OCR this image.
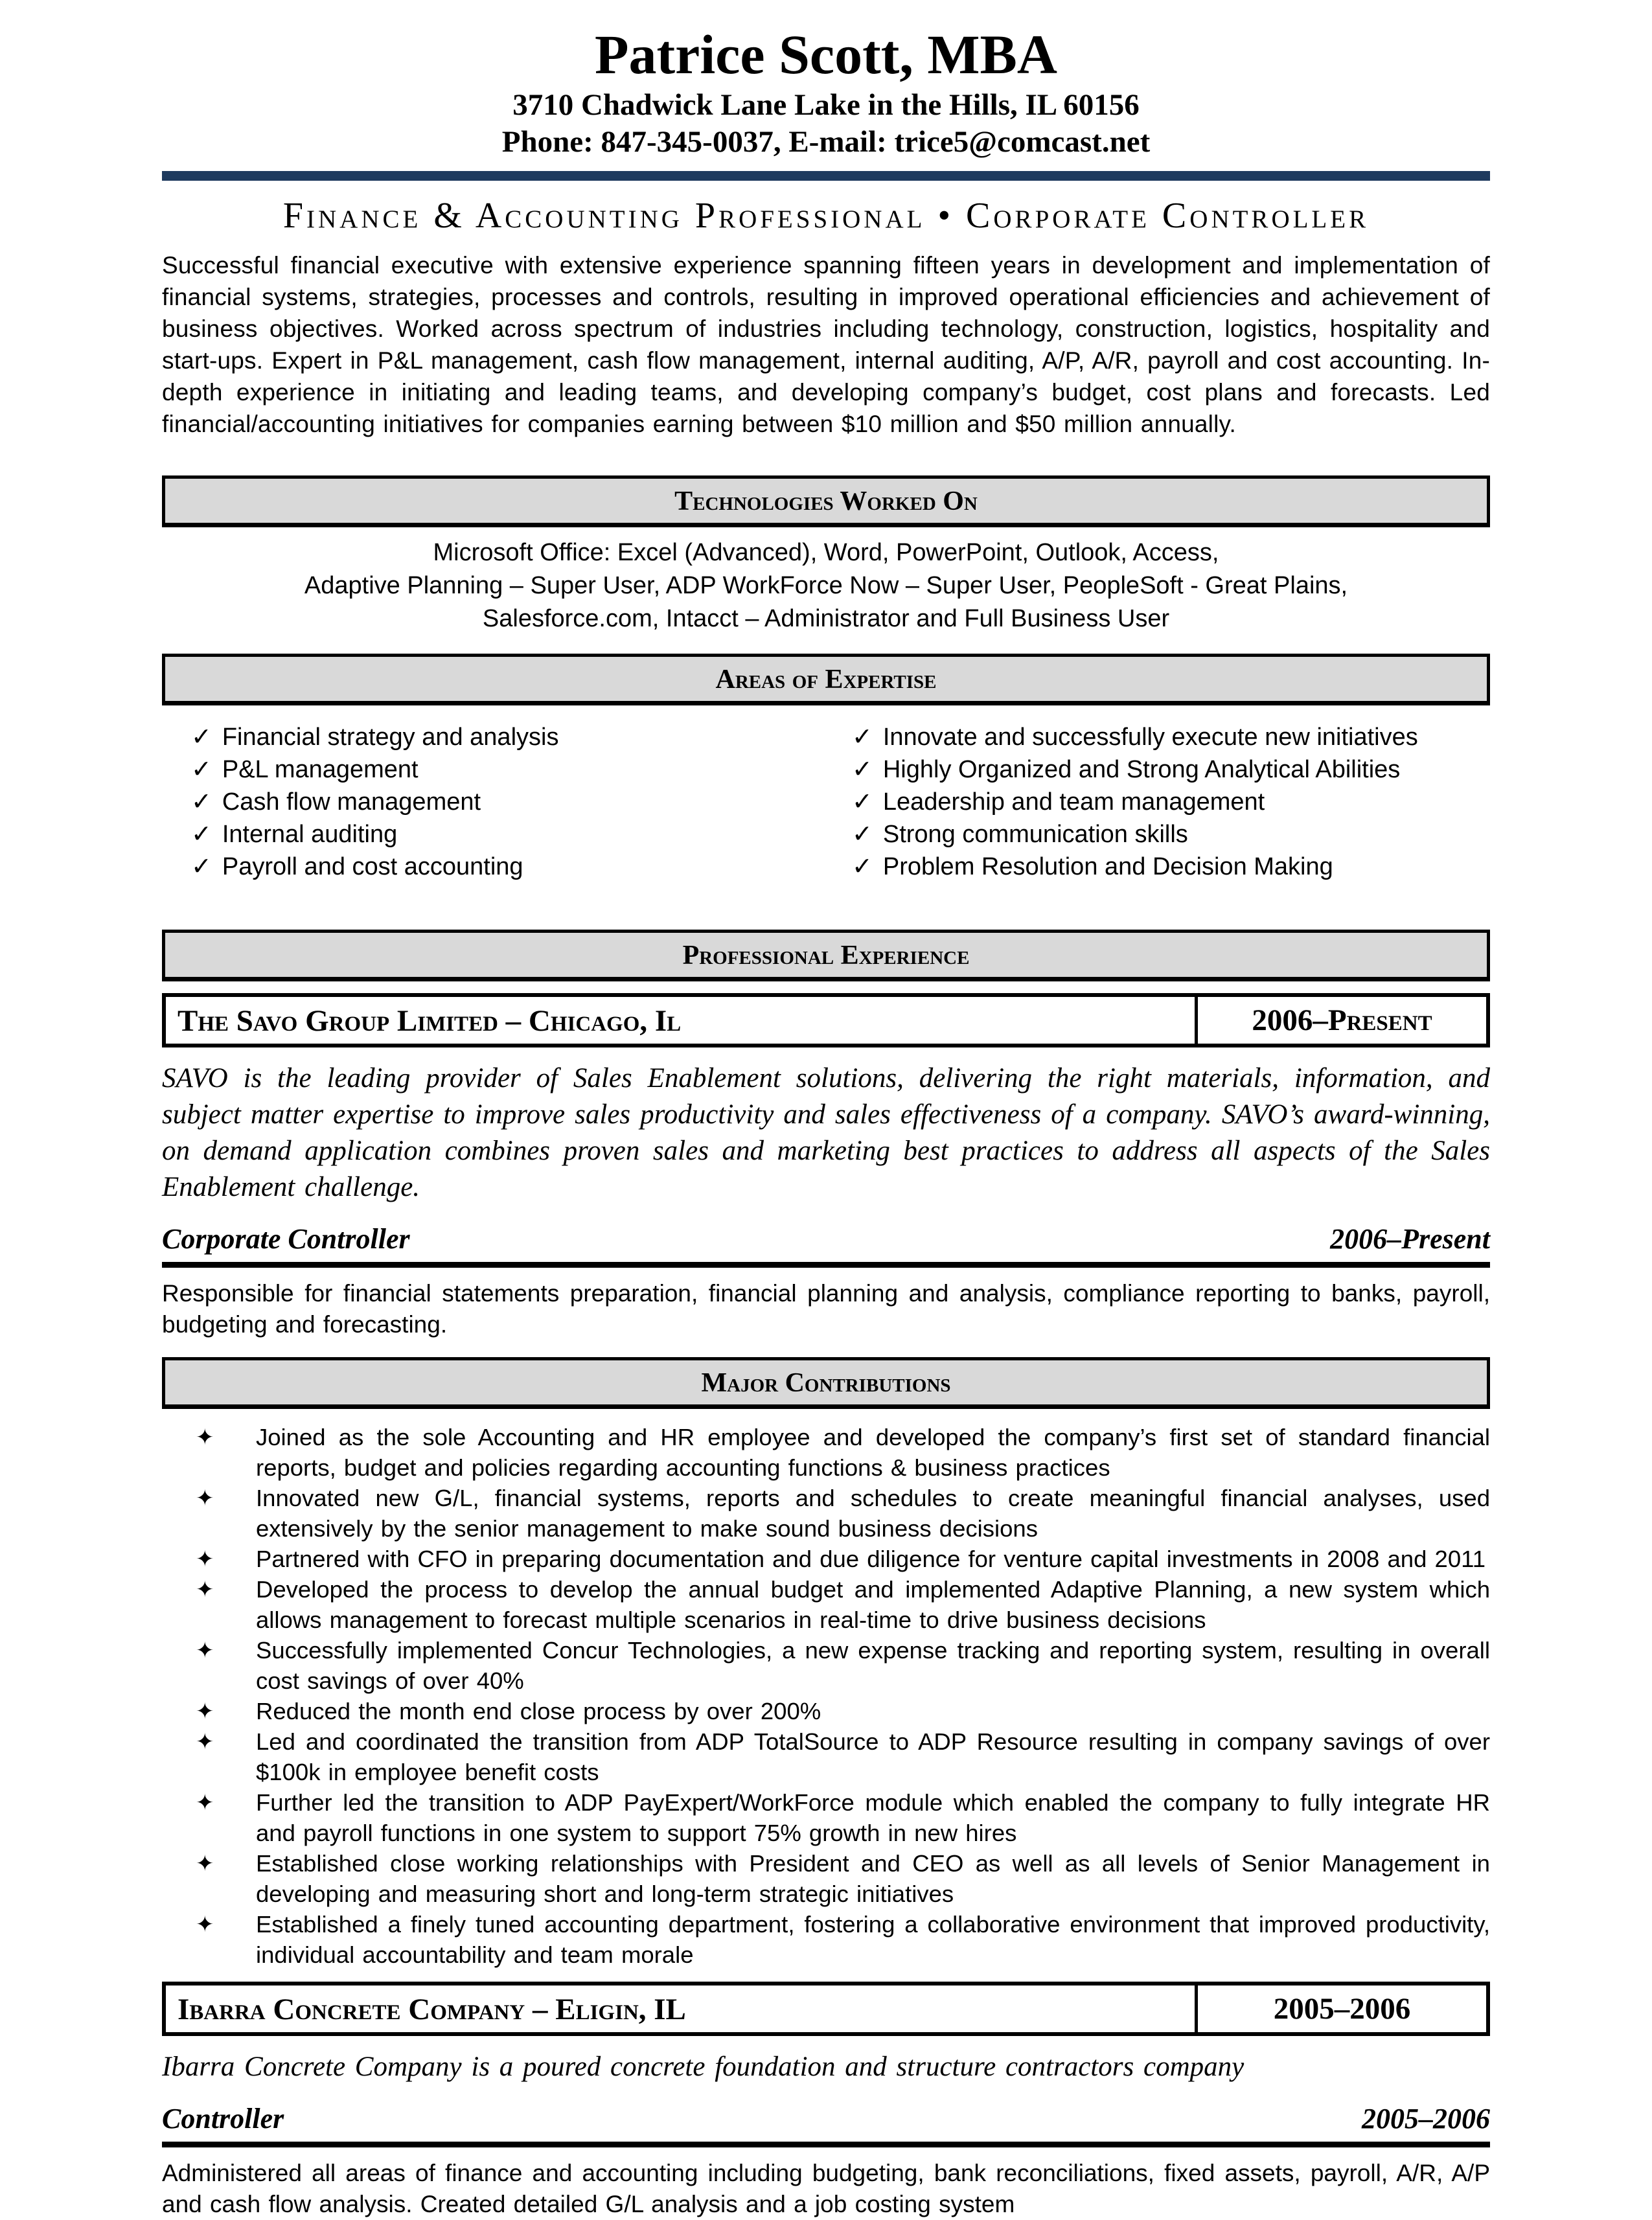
Patrice Scott, MBA
3710 Chadwick Lane Lake in the Hills, IL 60156
Phone: 847-345-0037, E-mail: trice5@comcast.net
Finance & Accounting Professional • Corporate Controller

Successful financial executive with extensive experience spanning fifteen years in development and implementation of financial systems, strategies, processes and controls, resulting in improved operational efficiencies and achievement of business objectives. Worked across spectrum of industries including technology, construction, logistics, hospitality and start-ups. Expert in P&L management, cash flow management, internal auditing, A/P, A/R, payroll and cost accounting. In-depth experience in initiating and leading teams, and developing company’s budget, cost plans and forecasts. Led financial/accounting initiatives for companies earning between $10 million and $50 million annually.

Technologies Worked On
Microsoft Office: Excel (Advanced), Word, PowerPoint, Outlook, Access,
Adaptive Planning – Super User, ADP WorkForce Now – Super User, PeopleSoft - Great Plains,
Salesforce.com, Intacct – Administrator and Full Business User
Areas of Expertise
✓ Financial strategy and analysis
✓ P&L management
✓ Cash flow management
✓ Internal auditing
✓ Payroll and cost accounting
✓ Innovate and successfully execute new initiatives
✓ Highly Organized and Strong Analytical Abilities
✓ Leadership and team management
✓ Strong communication skills
✓ Problem Resolution and Decision Making
Professional Experience
The Savo Group Limited – Chicago, Il	2006–Present

SAVO is the leading provider of Sales Enablement solutions, delivering the right materials, information, and subject matter expertise to improve sales productivity and sales effectiveness of a company. SAVO’s award-winning, on demand application combines proven sales and marketing best practices to address all aspects of the Sales Enablement challenge.

Corporate Controller	2006–Present

Responsible for financial statements preparation, financial planning and analysis, compliance reporting to banks, payroll, budgeting and forecasting.

Major Contributions
✦ Joined as the sole Accounting and HR employee and developed the company’s first set of standard financial reports, budget and policies regarding accounting functions & business practices
✦ Innovated new G/L, financial systems, reports and schedules to create meaningful financial analyses, used extensively by the senior management to make sound business decisions
✦ Partnered with CFO in preparing documentation and due diligence for venture capital investments in 2008 and 2011
✦ Developed the process to develop the annual budget and implemented Adaptive Planning, a new system which allows management to forecast multiple scenarios in real-time to drive business decisions
✦ Successfully implemented Concur Technologies, a new expense tracking and reporting system, resulting in overall cost savings of over 40%
✦ Reduced the month end close process by over 200%
✦ Led and coordinated the transition from ADP TotalSource to ADP Resource resulting in company savings of over $100k in employee benefit costs
✦ Further led the transition to ADP PayExpert/WorkForce module which enabled the company to fully integrate HR and payroll functions in one system to support 75% growth in new hires
✦ Established close working relationships with President and CEO as well as all levels of Senior Management in developing and measuring short and long-term strategic initiatives
✦ Established a finely tuned accounting department, fostering a collaborative environment that improved productivity, individual accountability and team morale
Ibarra Concrete Company – Eligin, IL	2005–2006

Ibarra Concrete Company is a poured concrete foundation and structure contractors company

Controller	2005–2006

Administered all areas of finance and accounting including budgeting, bank reconciliations, fixed assets, payroll, A/R, A/P and cash flow analysis. Created detailed G/L analysis and a job costing system
